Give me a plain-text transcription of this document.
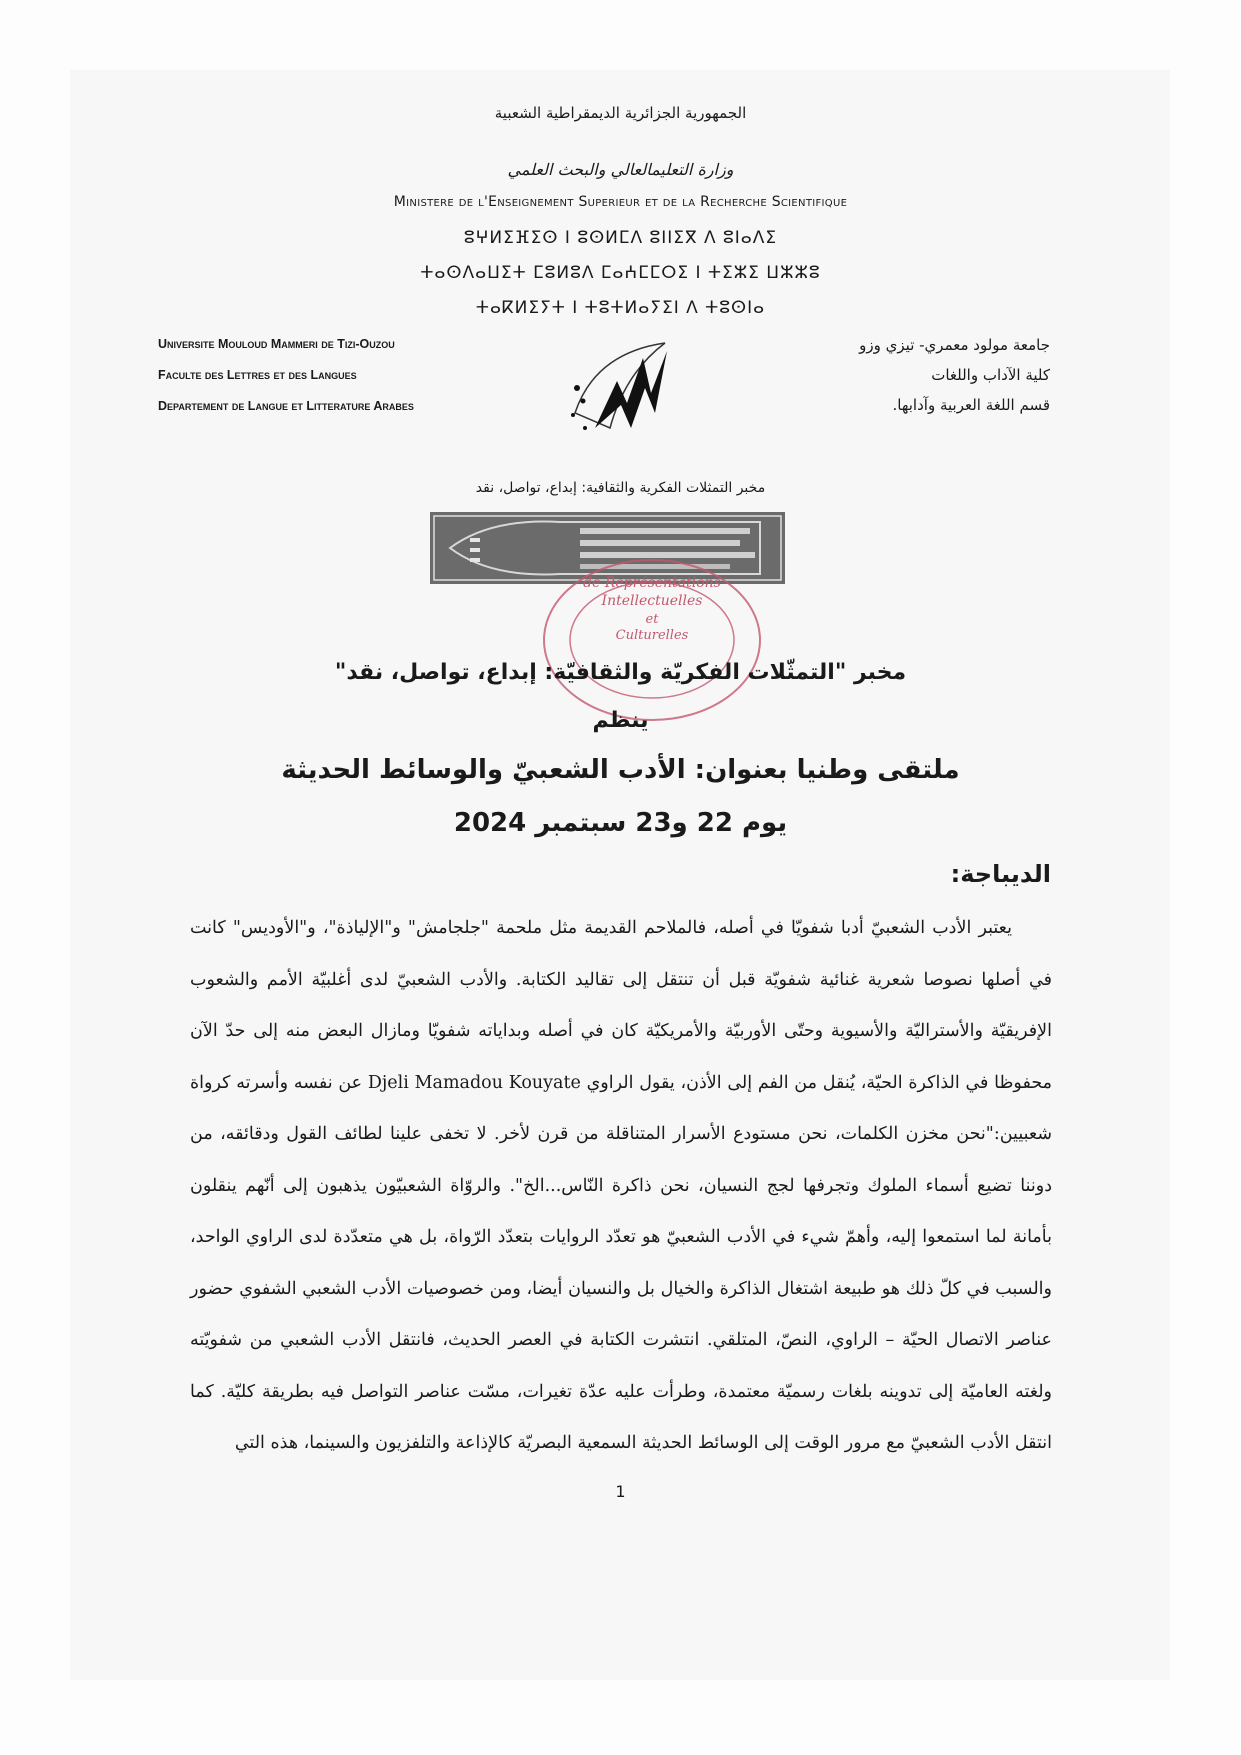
الجمهورية الجزائرية الديمقراطية الشعبية
وزارة التعليمالعالي والبحث العلمي
Ministere de l'Enseignement Superieur et de la Recherche Scientifique
ⵓⵖⵍⵉⴼⵉⵙ ⵏ ⵓⵙⵍⵎⴷ ⵓⵏⵏⵉⴳ ⴷ ⵓⵏⴰⴷⵉ
ⵜⴰⵙⴷⴰⵡⵉⵜ ⵎⵓⵍⵓⴷ ⵎⴰⵄⵎⵎⵔⵉ ⵏ ⵜⵉⵣⵉ ⵡⵣⵣⵓ
ⵜⴰⴽⵍⵉⵢⵜ ⵏ ⵜⵓⵜⵍⴰⵢⵉⵏ ⴷ ⵜⵓⵙⵏⴰ
Universite Mouloud Mammeri de Tizi-Ouzou
Faculte des Lettres et des Langues
Departement de Langue et Litterature Arabes
جامعة مولود معمري- تيزي وزو
كلية الآداب واللغات
قسم اللغة العربية وآدابها.
مخبر التمثلات الفكرية والثقافية: إبداع، تواصل، نقد
de Représentations
Intellectuelles
et
Culturelles
مخبر "التمثّلات الفكريّة والثقافيّة: إبداع، تواصل، نقد"
ينظم
ملتقى وطنيا بعنوان: الأدب الشعبيّ والوسائط الحديثة
يوم 22 و23 سبتمبر 2024
الديباجة:

يعتبر الأدب الشعبيّ أدبا شفويّا في أصله، فالملاحم القديمة مثل ملحمة "جلجامش" و"الإلياذة"، و"الأوديس" كانت في أصلها نصوصا شعرية غنائية شفويّة قبل أن تنتقل إلى تقاليد الكتابة. والأدب الشعبيّ لدى أغلبيّة الأمم والشعوب الإفريقيّة والأستراليّة والأسيوية وحتّى الأوربيّة والأمريكيّة كان في أصله وبداياته شفويّا ومازال البعض منه إلى حدّ الآن محفوظا في الذاكرة الحيّة، يُنقل من الفم إلى الأذن، يقول الراوي Djeli Mamadou Kouyate عن نفسه وأسرته كرواة شعبيين:"نحن مخزن الكلمات، نحن مستودع الأسرار المتناقلة من قرن لأخر. لا تخفى علينا لطائف القول ودقائقه، من دوننا تضيع أسماء الملوك وتجرفها لجج النسيان، نحن ذاكرة النّاس...الخ". والروّاة الشعبيّون يذهبون إلى أنّهم ينقلون بأمانة لما استمعوا إليه، وأهمّ شيء في الأدب الشعبيّ هو تعدّد الروايات بتعدّد الرّواة، بل هي متعدّدة لدى الراوي الواحد، والسبب في كلّ ذلك هو طبيعة اشتغال الذاكرة والخيال بل والنسيان أيضا، ومن خصوصيات الأدب الشعبي الشفوي حضور عناصر الاتصال الحيّة – الراوي، النصّ، المتلقي. انتشرت الكتابة في العصر الحديث، فانتقل الأدب الشعبي من شفويّته ولغته العاميّة إلى تدوينه بلغات رسميّة معتمدة، وطرأت عليه عدّة تغيرات، مسّت عناصر التواصل فيه بطريقة كليّة. كما انتقل الأدب الشعبيّ مع مرور الوقت إلى الوسائط الحديثة السمعية البصريّة كالإذاعة والتلفزيون والسينما، هذه التي

1
